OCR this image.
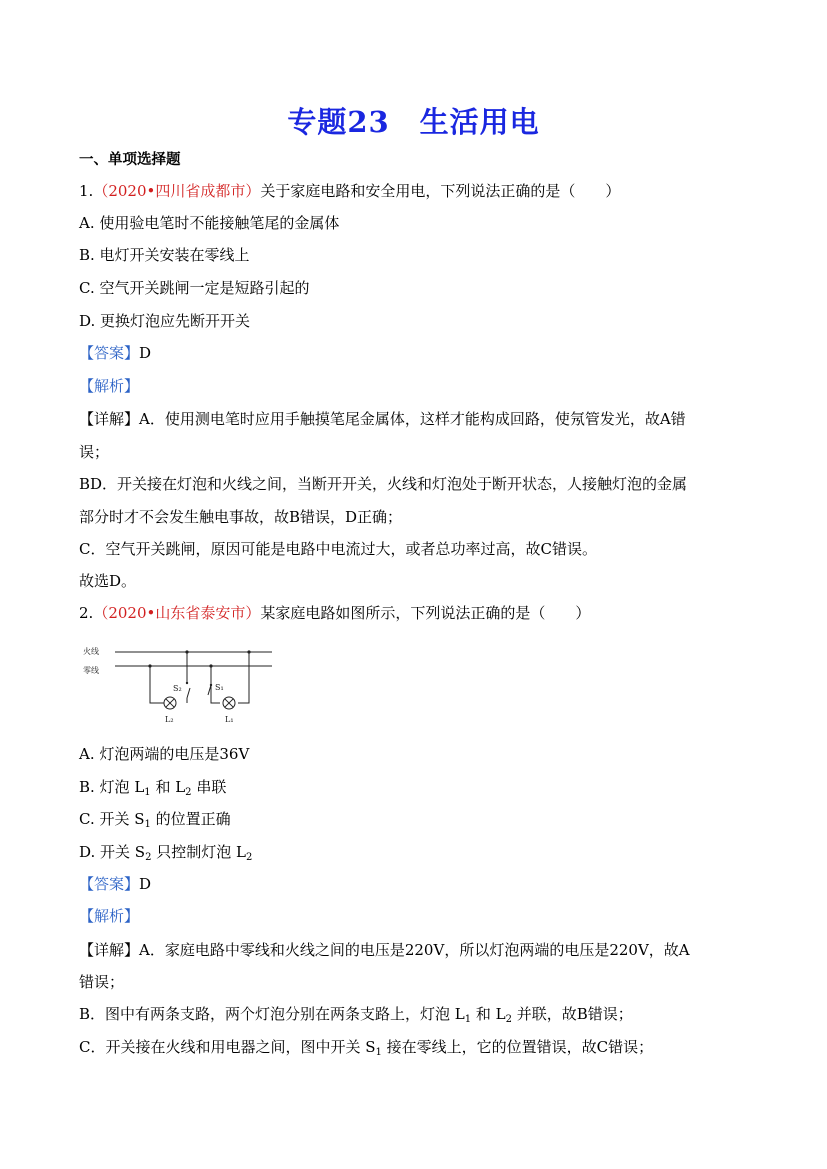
专题23 生活用电
一、单项选择题
1.（2020•四川省成都市）关于家庭电路和安全用电，下列说法正确的是（　　）
A. 使用验电笔时不能接触笔尾的金属体
B. 电灯开关安装在零线上
C. 空气开关跳闸一定是短路引起的
D. 更换灯泡应先断开开关
【答案】D
【解析】
【详解】A．使用测电笔时应用手触摸笔尾金属体，这样才能构成回路，使氖管发光，故A错
误；
BD．开关接在灯泡和火线之间，当断开开关，火线和灯泡处于断开状态，人接触灯泡的金属
部分时才不会发生触电事故，故B错误，D正确；
C．空气开关跳闸，原因可能是电路中电流过大，或者总功率过高，故C错误。
故选D。
2.（2020•山东省泰安市）某家庭电路如图所示，下列说法正确的是（　　）
火线
零线
S₂	S₁
L₂	L₁
A. 灯泡两端的电压是36V
B. 灯泡 $L_1$ 和 $L_2$ 串联
C. 开关 $S_1$ 的位置正确
D. 开关 $S_2$ 只控制灯泡 $L_2$
【答案】D
【解析】
【详解】A．家庭电路中零线和火线之间的电压是220V，所以灯泡两端的电压是220V，故A
错误；
B．图中有两条支路，两个灯泡分别在两条支路上，灯泡 $L_1$ 和 $L_2$ 并联，故B错误；
C．开关接在火线和用电器之间，图中开关 $S_1$ 接在零线上，它的位置错误，故C错误；
